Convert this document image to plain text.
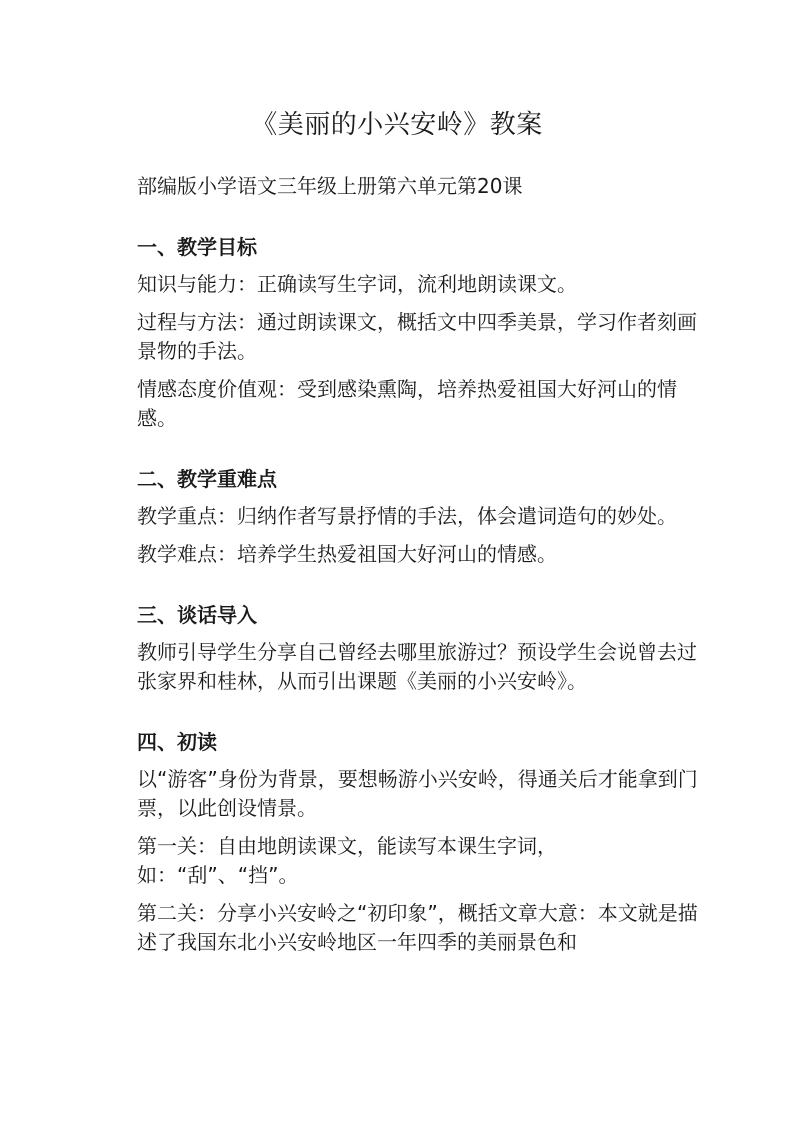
《美丽的小兴安岭》教案
部编版小学语文三年级上册第六单元第20课
一、教学目标

知识与能力：正确读写生字词，流利地朗读课文。

过程与方法：通过朗读课文，概括文中四季美景，学习作者刻画景物的手法。

情感态度价值观：受到感染熏陶，培养热爱祖国大好河山的情感。

二、教学重难点

教学重点：归纳作者写景抒情的手法，体会遣词造句的妙处。

教学难点：培养学生热爱祖国大好河山的情感。

三、谈话导入

教师引导学生分享自己曾经去哪里旅游过？预设学生会说曾去过张家界和桂林，从而引出课题《美丽的小兴安岭》。

四、初读

以“游客”身份为背景，要想畅游小兴安岭，得通关后才能拿到门票，以此创设情景。

第一关：自由地朗读课文，能读写本课生字词，如：“刮”、“挡”。

第二关：分享小兴安岭之“初印象”，概括文章大意：本文就是描述了我国东北小兴安岭地区一年四季的美丽景色和
